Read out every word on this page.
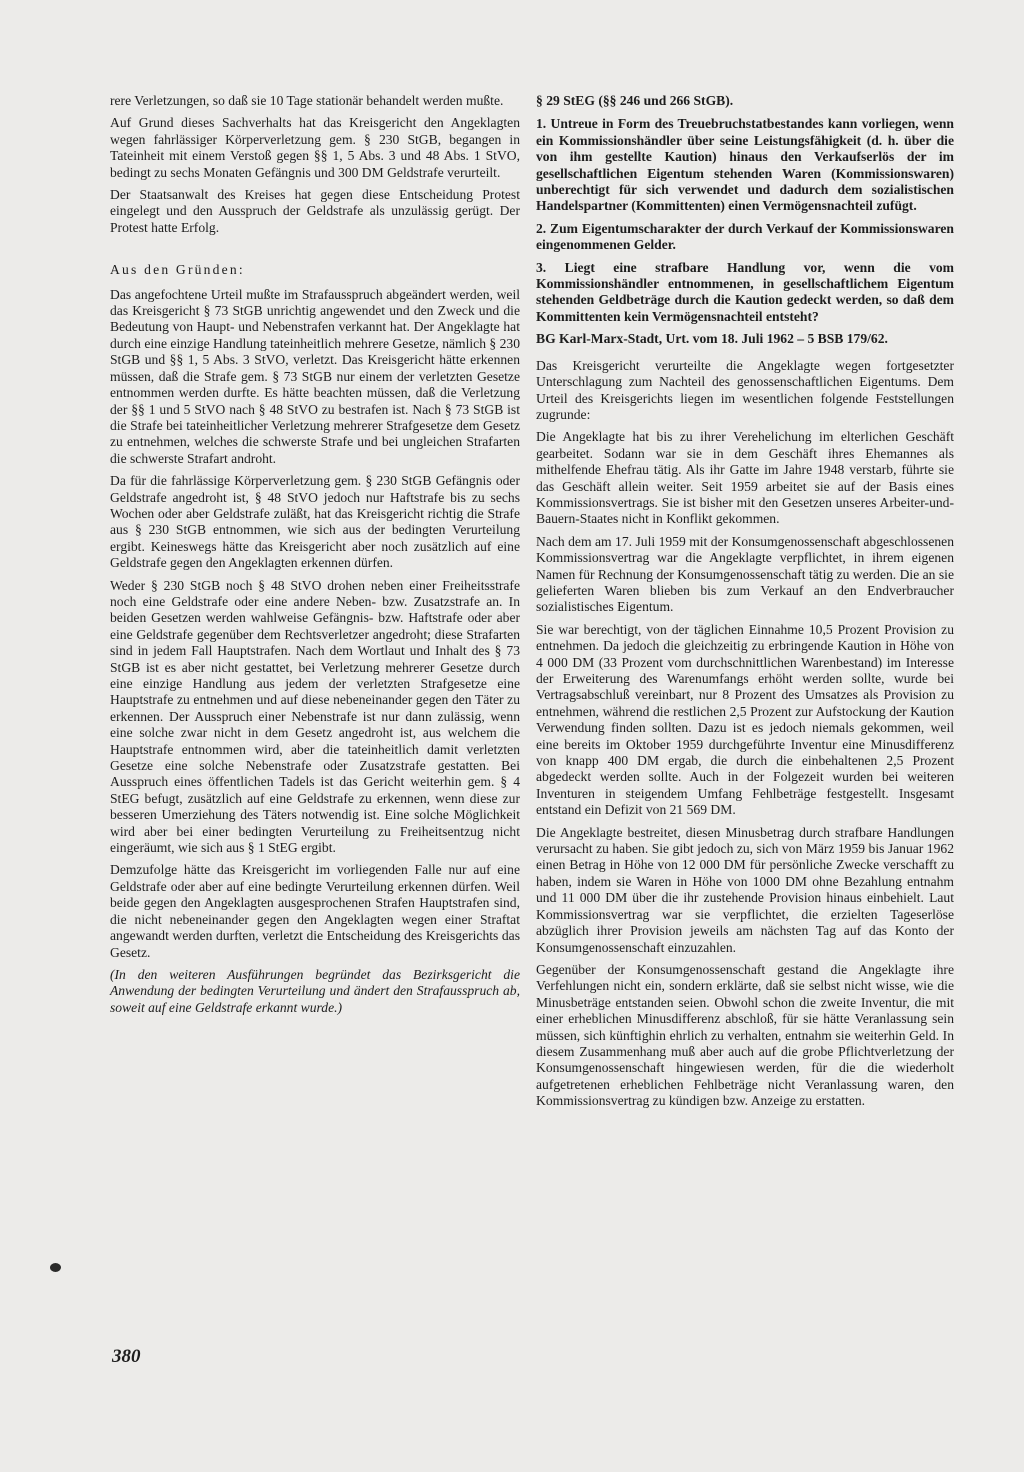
rere Verletzungen, so daß sie 10 Tage stationär behandelt werden mußte.

Auf Grund dieses Sachverhalts hat das Kreisgericht den Angeklagten wegen fahrlässiger Körperverletzung gem. § 230 StGB, begangen in Tateinheit mit einem Verstoß gegen §§ 1, 5 Abs. 3 und 48 Abs. 1 StVO, bedingt zu sechs Monaten Gefängnis und 300 DM Geldstrafe verurteilt.

Der Staatsanwalt des Kreises hat gegen diese Entscheidung Protest eingelegt und den Ausspruch der Geldstrafe als unzulässig gerügt. Der Protest hatte Erfolg.

Aus den Gründen:

Das angefochtene Urteil mußte im Strafausspruch abgeändert werden, weil das Kreisgericht § 73 StGB unrichtig angewendet und den Zweck und die Bedeutung von Haupt- und Nebenstrafen verkannt hat. Der Angeklagte hat durch eine einzige Handlung tateinheitlich mehrere Gesetze, nämlich § 230 StGB und §§ 1, 5 Abs. 3 StVO, verletzt. Das Kreisgericht hätte erkennen müssen, daß die Strafe gem. § 73 StGB nur einem der verletzten Gesetze entnommen werden durfte. Es hätte beachten müssen, daß die Verletzung der §§ 1 und 5 StVO nach § 48 StVO zu bestrafen ist. Nach § 73 StGB ist die Strafe bei tateinheitlicher Verletzung mehrerer Strafgesetze dem Gesetz zu entnehmen, welches die schwerste Strafe und bei ungleichen Strafarten die schwerste Strafart androht.

Da für die fahrlässige Körperverletzung gem. § 230 StGB Gefängnis oder Geldstrafe angedroht ist, § 48 StVO jedoch nur Haftstrafe bis zu sechs Wochen oder aber Geldstrafe zuläßt, hat das Kreisgericht richtig die Strafe aus § 230 StGB entnommen, wie sich aus der bedingten Verurteilung ergibt. Keineswegs hätte das Kreisgericht aber noch zusätzlich auf eine Geldstrafe gegen den Angeklagten erkennen dürfen.

Weder § 230 StGB noch § 48 StVO drohen neben einer Freiheitsstrafe noch eine Geldstrafe oder eine andere Neben- bzw. Zusatzstrafe an. In beiden Gesetzen werden wahlweise Gefängnis- bzw. Haftstrafe oder aber eine Geldstrafe gegenüber dem Rechtsverletzer angedroht; diese Strafarten sind in jedem Fall Hauptstrafen. Nach dem Wortlaut und Inhalt des § 73 StGB ist es aber nicht gestattet, bei Verletzung mehrerer Gesetze durch eine einzige Handlung aus jedem der verletzten Strafgesetze eine Hauptstrafe zu entnehmen und auf diese nebeneinander gegen den Täter zu erkennen. Der Ausspruch einer Nebenstrafe ist nur dann zulässig, wenn eine solche zwar nicht in dem Gesetz angedroht ist, aus welchem die Hauptstrafe entnommen wird, aber die tateinheitlich damit verletzten Gesetze eine solche Nebenstrafe oder Zusatzstrafe gestatten. Bei Ausspruch eines öffentlichen Tadels ist das Gericht weiterhin gem. § 4 StEG befugt, zusätzlich auf eine Geldstrafe zu erkennen, wenn diese zur besseren Umerziehung des Täters notwendig ist. Eine solche Möglichkeit wird aber bei einer bedingten Verurteilung zu Freiheitsentzug nicht eingeräumt, wie sich aus § 1 StEG ergibt.

Demzufolge hätte das Kreisgericht im vorliegenden Falle nur auf eine Geldstrafe oder aber auf eine bedingte Verurteilung erkennen dürfen. Weil beide gegen den Angeklagten ausgesprochenen Strafen Hauptstrafen sind, die nicht nebeneinander gegen den Angeklagten wegen einer Straftat angewandt werden durften, verletzt die Entscheidung des Kreisgerichts das Gesetz.

(In den weiteren Ausführungen begründet das Bezirksgericht die Anwendung der bedingten Verurteilung und ändert den Strafausspruch ab, soweit auf eine Geldstrafe erkannt wurde.)

§ 29 StEG (§§ 246 und 266 StGB).

1. Untreue in Form des Treuebruchstatbestandes kann vorliegen, wenn ein Kommissionshändler über seine Leistungsfähigkeit (d. h. über die von ihm gestellte Kaution) hinaus den Verkaufserlös der im gesellschaftlichen Eigentum stehenden Waren (Kommissionswaren) unberechtigt für sich verwendet und dadurch dem sozialistischen Handelspartner (Kommittenten) einen Vermögensnachteil zufügt.

2. Zum Eigentumscharakter der durch Verkauf der Kommissionswaren eingenommenen Gelder.

3. Liegt eine strafbare Handlung vor, wenn die vom Kommissionshändler entnommenen, in gesellschaftlichem Eigentum stehenden Geldbeträge durch die Kaution gedeckt werden, so daß dem Kommittenten kein Vermögensnachteil entsteht?

BG Karl-Marx-Stadt, Urt. vom 18. Juli 1962 – 5 BSB 179/62.

Das Kreisgericht verurteilte die Angeklagte wegen fortgesetzter Unterschlagung zum Nachteil des genossenschaftlichen Eigentums. Dem Urteil des Kreisgerichts liegen im wesentlichen folgende Feststellungen zugrunde:

Die Angeklagte hat bis zu ihrer Verehelichung im elterlichen Geschäft gearbeitet. Sodann war sie in dem Geschäft ihres Ehemannes als mithelfende Ehefrau tätig. Als ihr Gatte im Jahre 1948 verstarb, führte sie das Geschäft allein weiter. Seit 1959 arbeitet sie auf der Basis eines Kommissionsvertrags. Sie ist bisher mit den Gesetzen unseres Arbeiter-und-Bauern-Staates nicht in Konflikt gekommen.

Nach dem am 17. Juli 1959 mit der Konsumgenossenschaft abgeschlossenen Kommissionsvertrag war die Angeklagte verpflichtet, in ihrem eigenen Namen für Rechnung der Konsumgenossenschaft tätig zu werden. Die an sie gelieferten Waren blieben bis zum Verkauf an den Endverbraucher sozialistisches Eigentum.

Sie war berechtigt, von der täglichen Einnahme 10,5 Prozent Provision zu entnehmen. Da jedoch die gleichzeitig zu erbringende Kaution in Höhe von 4 000 DM (33 Prozent vom durchschnittlichen Warenbestand) im Interesse der Erweiterung des Warenumfangs erhöht werden sollte, wurde bei Vertragsabschluß vereinbart, nur 8 Prozent des Umsatzes als Provision zu entnehmen, während die restlichen 2,5 Prozent zur Aufstockung der Kaution Verwendung finden sollten. Dazu ist es jedoch niemals gekommen, weil eine bereits im Oktober 1959 durchgeführte Inventur eine Minusdifferenz von knapp 400 DM ergab, die durch die einbehaltenen 2,5 Prozent abgedeckt werden sollte. Auch in der Folgezeit wurden bei weiteren Inventuren in steigendem Umfang Fehlbeträge festgestellt. Insgesamt entstand ein Defizit von 21 569 DM.

Die Angeklagte bestreitet, diesen Minusbetrag durch strafbare Handlungen verursacht zu haben. Sie gibt jedoch zu, sich von März 1959 bis Januar 1962 einen Betrag in Höhe von 12 000 DM für persönliche Zwecke verschafft zu haben, indem sie Waren in Höhe von 1000 DM ohne Bezahlung entnahm und 11 000 DM über die ihr zustehende Provision hinaus einbehielt. Laut Kommissionsvertrag war sie verpflichtet, die erzielten Tageserlöse abzüglich ihrer Provision jeweils am nächsten Tag auf das Konto der Konsumgenossenschaft einzuzahlen.

Gegenüber der Konsumgenossenschaft gestand die Angeklagte ihre Verfehlungen nicht ein, sondern erklärte, daß sie selbst nicht wisse, wie die Minusbeträge entstanden seien. Obwohl schon die zweite Inventur, die mit einer erheblichen Minusdifferenz abschloß, für sie hätte Veranlassung sein müssen, sich künftighin ehrlich zu verhalten, entnahm sie weiterhin Geld. In diesem Zusammenhang muß aber auch auf die grobe Pflichtverletzung der Konsumgenossenschaft hingewiesen werden, für die die wiederholt aufgetretenen erheblichen Fehlbeträge nicht Veranlassung waren, den Kommissionsvertrag zu kündigen bzw. Anzeige zu erstatten.

380
